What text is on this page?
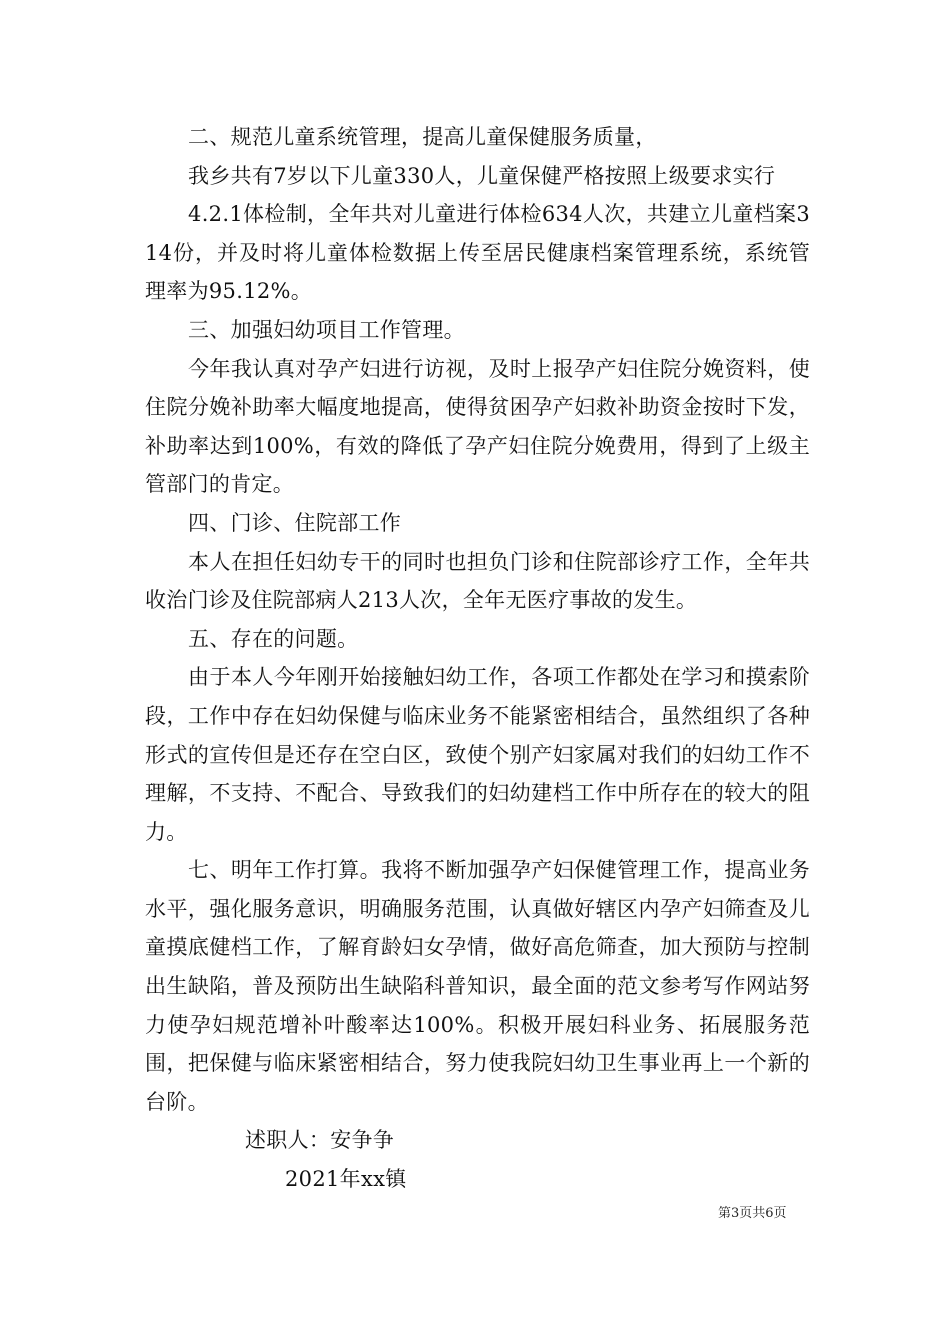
二、规范儿童系统管理，提高儿童保健服务质量，

我乡共有7岁以下儿童330人，儿童保健严格按照上级要求实行

4.2.1体检制，全年共对儿童进行体检634人次，共建立儿童档案314份，并及时将儿童体检数据上传至居民健康档案管理系统，系统管理率为95.12%。

三、加强妇幼项目工作管理。

今年我认真对孕产妇进行访视，及时上报孕产妇住院分娩资料，使住院分娩补助率大幅度地提高，使得贫困孕产妇救补助资金按时下发，补助率达到100%，有效的降低了孕产妇住院分娩费用，得到了上级主管部门的肯定。

四、门诊、住院部工作

本人在担任妇幼专干的同时也担负门诊和住院部诊疗工作，全年共收治门诊及住院部病人213人次，全年无医疗事故的发生。

五、存在的问题。

由于本人今年刚开始接触妇幼工作，各项工作都处在学习和摸索阶段，工作中存在妇幼保健与临床业务不能紧密相结合，虽然组织了各种形式的宣传但是还存在空白区，致使个别产妇家属对我们的妇幼工作不理解，不支持、不配合、导致我们的妇幼建档工作中所存在的较大的阻力。

七、明年工作打算。我将不断加强孕产妇保健管理工作，提高业务水平，强化服务意识，明确服务范围，认真做好辖区内孕产妇筛查及儿童摸底健档工作，了解育龄妇女孕情，做好高危筛查，加大预防与控制出生缺陷，普及预防出生缺陷科普知识，最全面的范文参考写作网站努力使孕妇规范增补叶酸率达100%。积极开展妇科业务、拓展服务范围，把保健与临床紧密相结合，努力使我院妇幼卫生事业再上一个新的台阶。

述职人：安争争

2021年xx镇

第3页共6页
